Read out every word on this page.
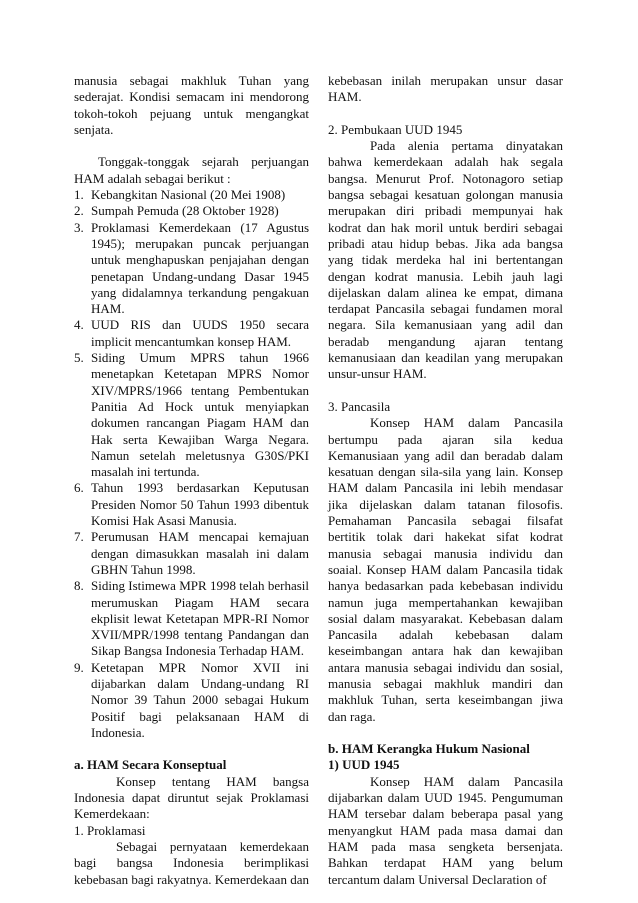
manusia sebagai makhluk Tuhan yang sederajat. Kondisi semacam ini mendorong tokoh-tokoh pejuang untuk mengangkat senjata.

Tonggak-tonggak sejarah perjuangan HAM adalah sebagai berikut :

1. Kebangkitan Nasional (20 Mei 1908)
2. Sumpah Pemuda (28 Oktober 1928)
3. Proklamasi Kemerdekaan (17 Agustus 1945); merupakan puncak perjuangan untuk menghapuskan penjajahan dengan penetapan Undang-undang Dasar 1945 yang didalamnya terkandung pengakuan HAM.
4. UUD RIS dan UUDS 1950 secara implicit mencantumkan konsep HAM.
5. Siding Umum MPRS tahun 1966 menetapkan Ketetapan MPRS Nomor XIV/MPRS/1966 tentang Pembentukan Panitia Ad Hock untuk menyiapkan dokumen rancangan Piagam HAM dan Hak serta Kewajiban Warga Negara. Namun setelah meletusnya G30S/PKI masalah ini tertunda.
6. Tahun 1993 berdasarkan Keputusan Presiden Nomor 50 Tahun 1993 dibentuk Komisi Hak Asasi Manusia.
7. Perumusan HAM mencapai kemajuan dengan dimasukkan masalah ini dalam GBHN Tahun 1998.
8. Siding Istimewa MPR 1998 telah berhasil merumuskan Piagam HAM secara ekplisit lewat Ketetapan MPR-RI Nomor XVII/MPR/1998 tentang Pandangan dan Sikap Bangsa Indonesia Terhadap HAM.
9. Ketetapan MPR Nomor XVII ini dijabarkan dalam Undang-undang RI Nomor 39 Tahun 2000 sebagai Hukum Positif bagi pelaksanaan HAM di Indonesia.

a. HAM Secara Konseptual

Konsep tentang HAM bangsa Indonesia dapat diruntut sejak Proklamasi Kemerdekaan:

1. Proklamasi

Sebagai pernyataan kemerdekaan bagi bangsa Indonesia berimplikasi kebebasan bagi rakyatnya. Kemerdekaan dan

kebebasan inilah merupakan unsur dasar HAM.

2. Pembukaan UUD 1945

Pada alenia pertama dinyatakan bahwa kemerdekaan adalah hak segala bangsa. Menurut Prof. Notonagoro setiap bangsa sebagai kesatuan golongan manusia merupakan diri pribadi mempunyai hak kodrat dan hak moril untuk berdiri sebagai pribadi atau hidup bebas. Jika ada bangsa yang tidak merdeka hal ini bertentangan dengan kodrat manusia. Lebih jauh lagi dijelaskan dalam alinea ke empat, dimana terdapat Pancasila sebagai fundamen moral negara. Sila kemanusiaan yang adil dan beradab mengandung ajaran tentang kemanusiaan dan keadilan yang merupakan unsur-unsur HAM.

3. Pancasila

Konsep HAM dalam Pancasila bertumpu pada ajaran sila kedua Kemanusiaan yang adil dan beradab dalam kesatuan dengan sila-sila yang lain. Konsep HAM dalam Pancasila ini lebih mendasar jika dijelaskan dalam tatanan filosofis. Pemahaman Pancasila sebagai filsafat bertitik tolak dari hakekat sifat kodrat manusia sebagai manusia individu dan soaial. Konsep HAM dalam Pancasila tidak hanya bedasarkan pada kebebasan individu namun juga mempertahankan kewajiban sosial dalam masyarakat. Kebebasan dalam Pancasila adalah kebebasan dalam keseimbangan antara hak dan kewajiban antara manusia sebagai individu dan sosial, manusia sebagai makhluk mandiri dan makhluk Tuhan, serta keseimbangan jiwa dan raga.

b. HAM Kerangka Hukum Nasional

1) UUD 1945

Konsep HAM dalam Pancasila dijabarkan dalam UUD 1945. Pengumuman HAM tersebar dalam beberapa pasal yang menyangkut HAM pada masa damai dan HAM pada masa sengketa bersenjata. Bahkan terdapat HAM yang belum tercantum dalam Universal Declaration of
